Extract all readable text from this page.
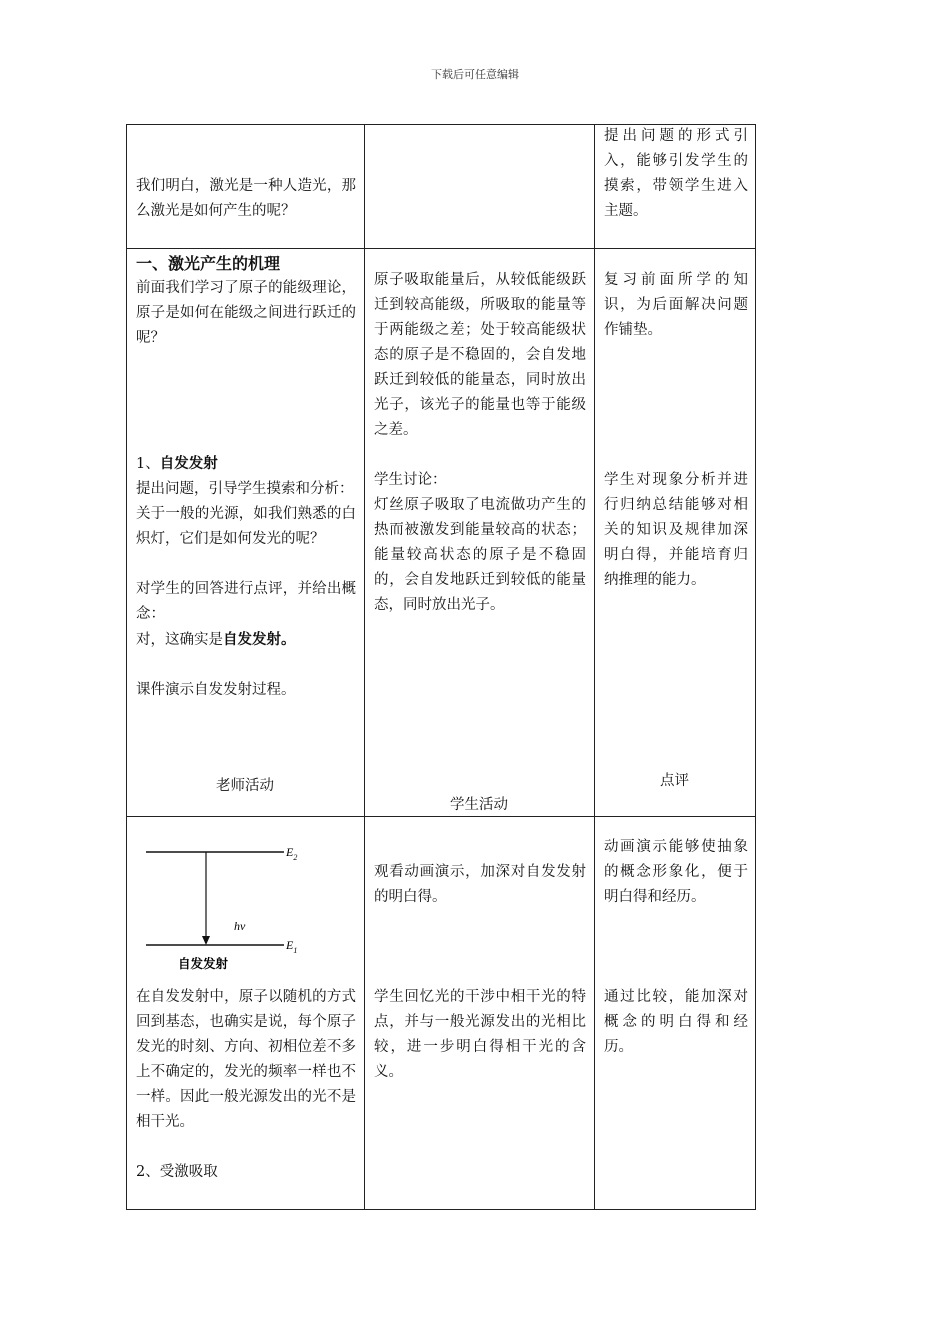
下载后可任意编辑

我们明白，激光是一种人造光，那么激光是如何产生的呢？

提出问题的形式引入，能够引发学生的摸索，带领学生进入主题。

一、激光产生的机理

前面我们学习了原子的能级理论，原子是如何在能级之间进行跃迁的呢？

1、自发发射

提出问题，引导学生摸索和分析：

关于一般的光源，如我们熟悉的白炽灯，它们是如何发光的呢？

对学生的回答进行点评，并给出概念：

对，这确实是自发发射。

课件演示自发发射过程。

老师活动

原子吸取能量后，从较低能级跃迁到较高能级，所吸取的能量等于两能级之差；处于较高能级状态的原子是不稳固的，会自发地跃迁到较低的能量态，同时放出光子，该光子的能量也等于能级之差。

学生讨论：

灯丝原子吸取了电流做功产生的热而被激发到能量较高的状态；能量较高状态的原子是不稳固的，会自发地跃迁到较低的能量态，同时放出光子。

学生活动

复习前面所学的知识，为后面解决问题作铺垫。

学生对现象分析并进行归纳总结能够对相关的知识及规律加深明白得，并能培育归纳推理的能力。

点评
$E_2$
$E_1$
hν
自发发射

在自发发射中，原子以随机的方式回到基态，也确实是说，每个原子发光的时刻、方向、初相位差不多上不确定的，发光的频率一样也不一样。因此一般光源发出的光不是相干光。

2、受激吸取

观看动画演示，加深对自发发射的明白得。

学生回忆光的干涉中相干光的特点，并与一般光源发出的光相比较，进一步明白得相干光的含义。

动画演示能够使抽象的概念形象化，便于明白得和经历。

通过比较，能加深对概念的明白得和经历。
